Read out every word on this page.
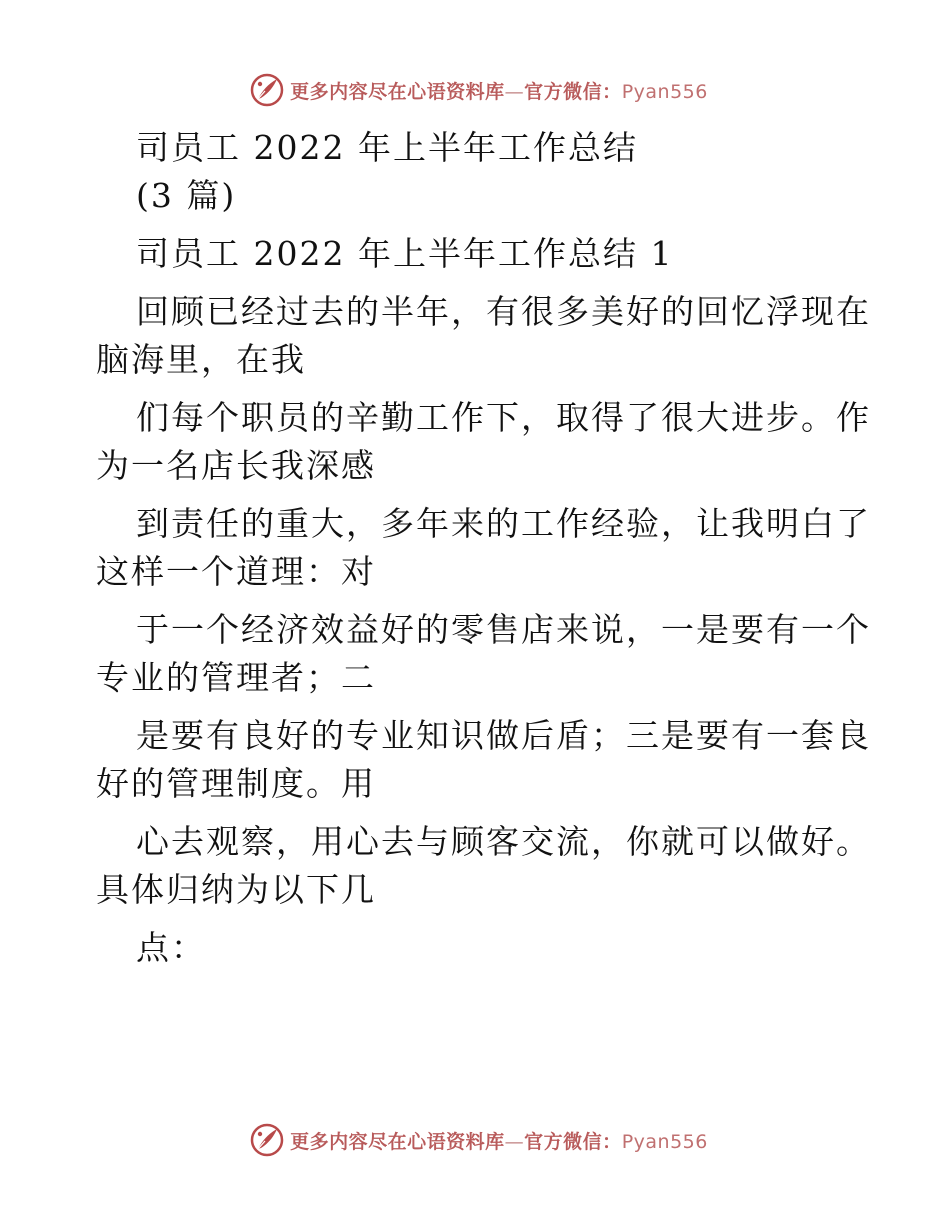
更多内容尽在心语资料库—官方微信：Pyan556
司员工 2022 年上半年工作总结
(3 篇)
司员工 2022 年上半年工作总结 1
回顾已经过去的半年，有很多美好的回忆浮现在
脑海里，在我
们每个职员的辛勤工作下，取得了很大进步。作
为一名店长我深感
到责任的重大，多年来的工作经验，让我明白了
这样一个道理：对
于一个经济效益好的零售店来说，一是要有一个
专业的管理者；二
是要有良好的专业知识做后盾；三是要有一套良
好的管理制度。用
心去观察，用心去与顾客交流，你就可以做好。
具体归纳为以下几
点：
更多内容尽在心语资料库—官方微信：Pyan556
